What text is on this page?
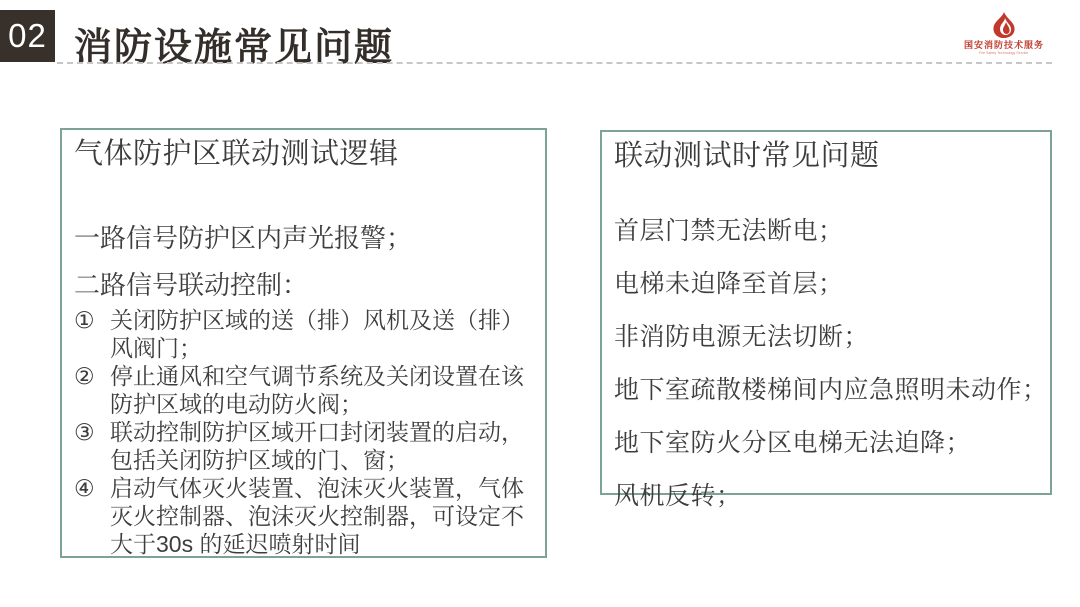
02 消防设施常见问题	国安消防技术服务
Fire Safety Technology Service
气体防护区联动测试逻辑
一路信号防护区内声光报警；
二路信号联动控制：
① 关闭防护区域的送（排）风机及送（排）风阀门；
② 停止通风和空气调节系统及关闭设置在该防护区域的电动防火阀；
③ 联动控制防护区域开口封闭装置的启动，包括关闭防护区域的门、窗；
④ 启动气体灭火装置、泡沫灭火装置，气体灭火控制器、泡沫灭火控制器，可设定不大于30s 的延迟喷射时间
联动测试时常见问题
首层门禁无法断电；
电梯未迫降至首层；
非消防电源无法切断；
地下室疏散楼梯间内应急照明未动作；
地下室防火分区电梯无法迫降；
风机反转；
